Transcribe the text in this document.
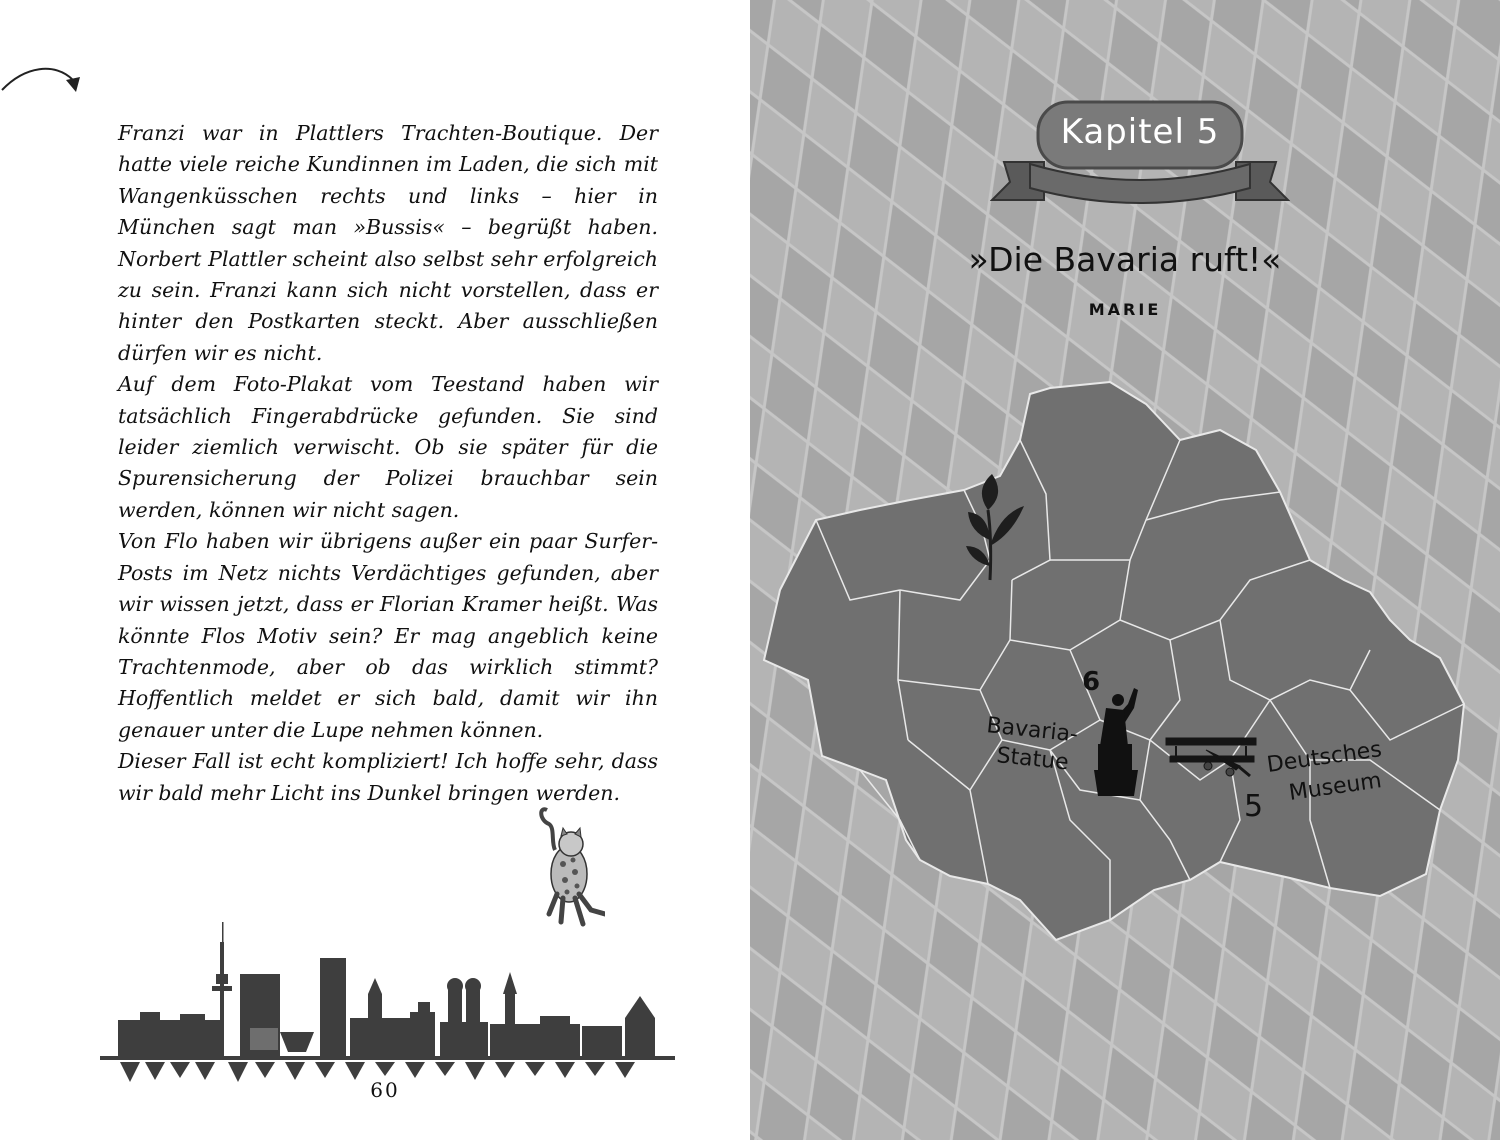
Franzi war in Plattlers Trachten-Boutique. Der hatte viele reiche Kundinnen im Laden, die sich mit Wangenküsschen rechts und links – hier in München sagt man »Bussis« – begrüßt haben. Norbert Plattler scheint also selbst sehr erfolgreich zu sein. Franzi kann sich nicht vorstellen, dass er hinter den Postkarten steckt. Aber ausschließen dürfen wir es nicht.

Auf dem Foto-Plakat vom Teestand haben wir tatsächlich Fingerabdrücke gefunden. Sie sind leider ziemlich verwischt. Ob sie später für die Spurensicherung der Polizei brauchbar sein werden, können wir nicht sagen.

Von Flo haben wir übrigens außer ein paar Surfer-Posts im Netz nichts Verdächtiges gefunden, aber wir wissen jetzt, dass er Florian Kramer heißt. Was könnte Flos Motiv sein? Er mag angeblich keine Trachtenmode, aber ob das wirklich stimmt? Hoffentlich meldet er sich bald, damit wir ihn genauer unter die Lupe nehmen können.

Dieser Fall ist echt kompliziert! Ich hoffe sehr, dass wir bald mehr Licht ins Dunkel bringen werden.

60
Kapitel 5
»Die Bavaria ruft!«
MARIE
Bavaria-
Statue	Deutsches
Museum
6
5
